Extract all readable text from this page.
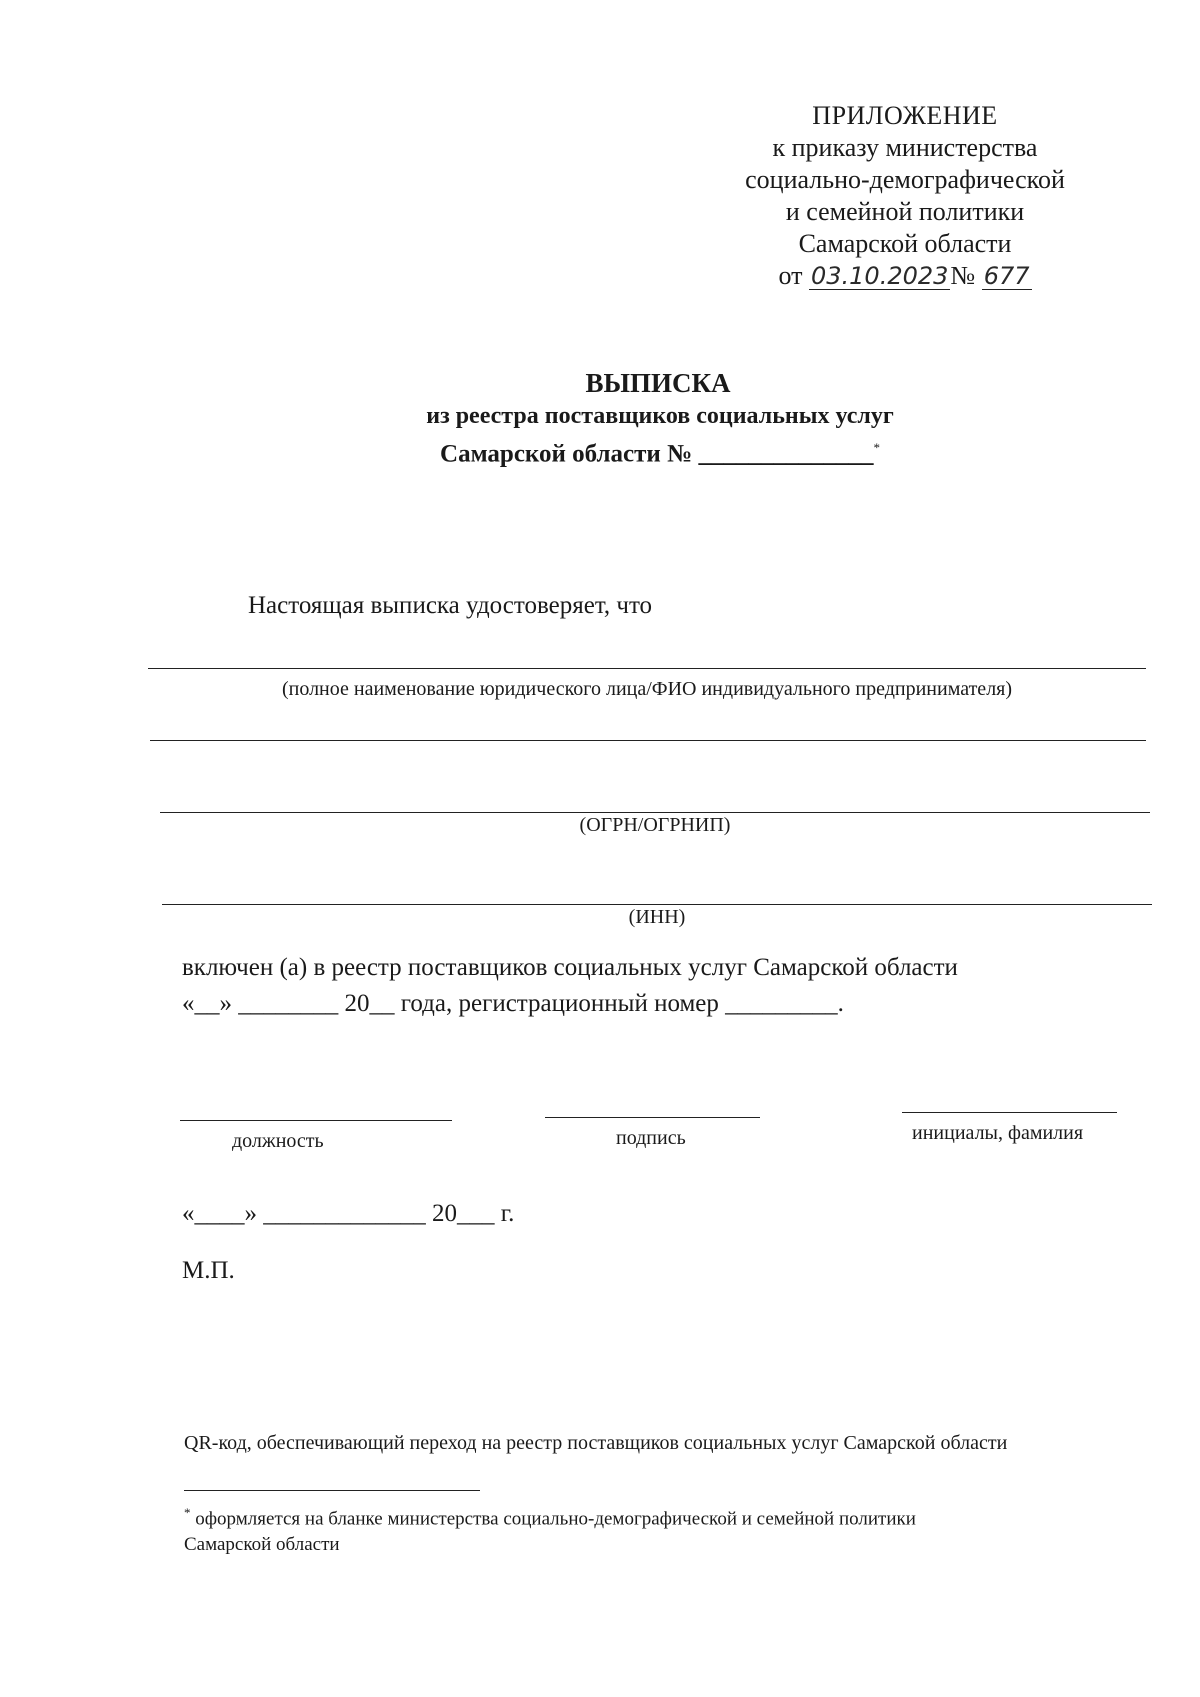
ПРИЛОЖЕНИЕ
к приказу министерства
социально-демографической
и семейной политики
Самарской области
от 03.10.2023№ 677
ВЫПИСКА
из реестра поставщиков социальных услуг
Самарской области № ______________*
Настоящая выписка удостоверяет, что
(полное наименование юридического лица/ФИО индивидуального предпринимателя)
(ОГРН/ОГРНИП)
(ИНН)
включен (а) в реестр поставщиков социальных услуг Самарской области
«__» ________ 20__ года, регистрационный номер _________.
должность	подпись	инициалы, фамилия
«____» _____________ 20___ г.
М.П.
QR-код, обеспечивающий переход на реестр поставщиков социальных услуг Самарской области
* оформляется на бланке министерства социально-демографической и семейной политики
Самарской области
